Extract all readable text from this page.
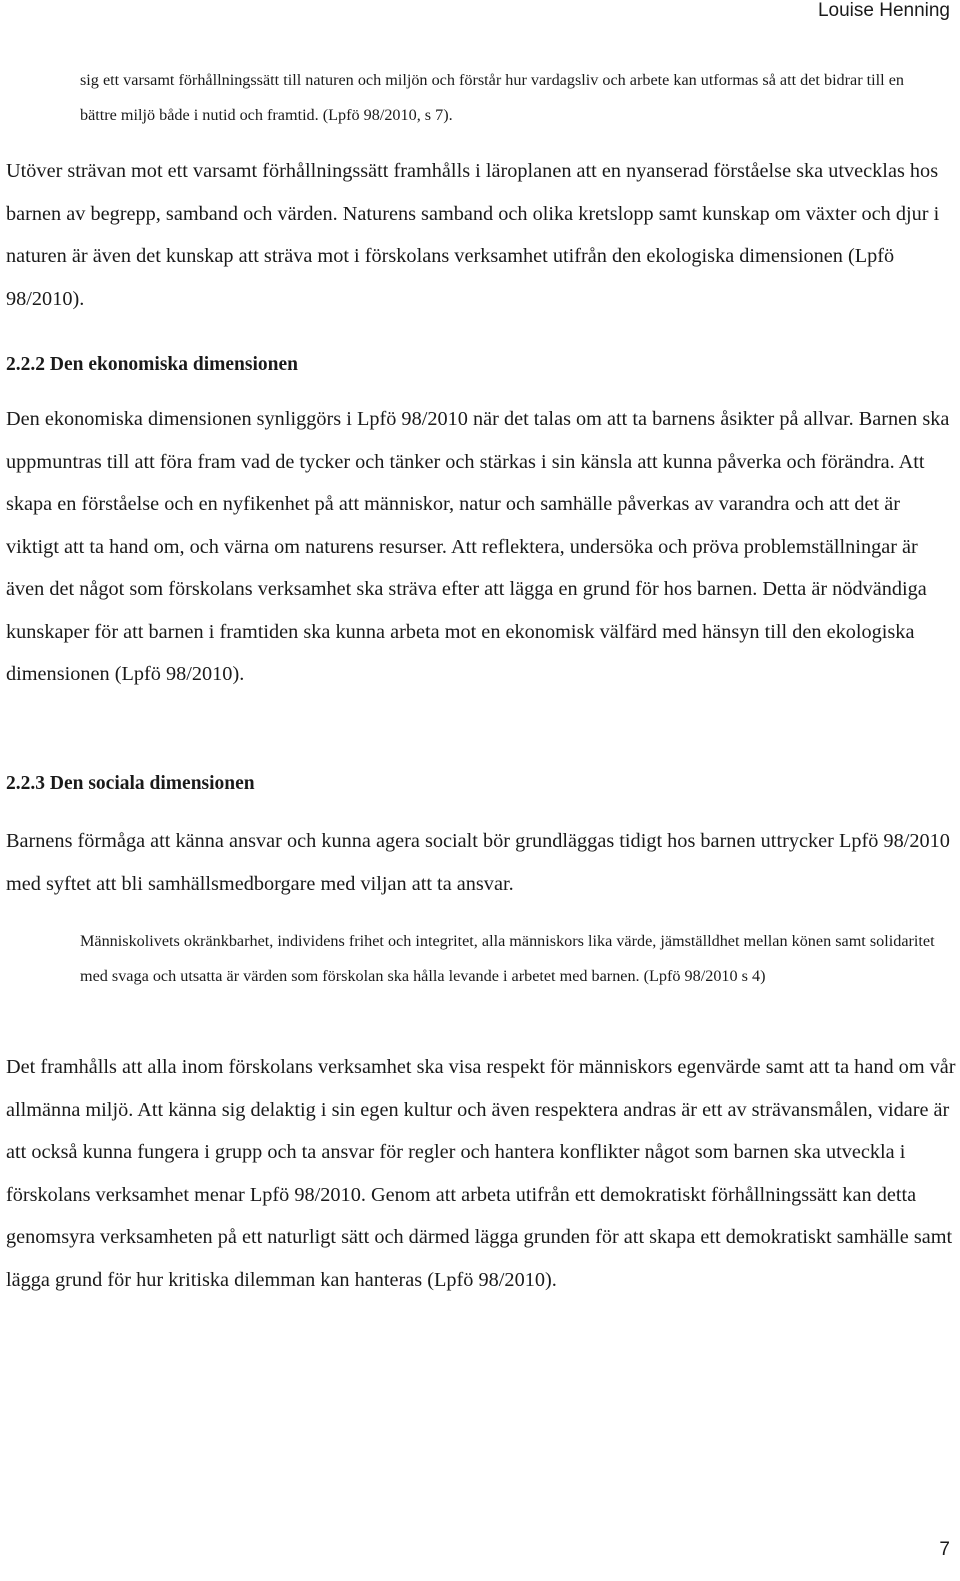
Louise Henning

sig ett varsamt förhållningssätt till naturen och miljön och förstår hur vardagsliv och arbete kan utformas så att det bidrar till en bättre miljö både i nutid och framtid. (Lpfö 98/2010, s 7).

Utöver strävan mot ett varsamt förhållningssätt framhålls i läroplanen att en nyanserad förståelse ska utvecklas hos barnen av begrepp, samband och värden. Naturens samband och olika kretslopp samt kunskap om växter och djur i naturen är även det kunskap att sträva mot i förskolans verksamhet utifrån den ekologiska dimensionen (Lpfö 98/2010).

2.2.2 Den ekonomiska dimensionen

Den ekonomiska dimensionen synliggörs i Lpfö 98/2010 när det talas om att ta barnens åsikter på allvar. Barnen ska uppmuntras till att föra fram vad de tycker och tänker och stärkas i sin känsla att kunna påverka och förändra. Att skapa en förståelse och en nyfikenhet på att människor, natur och samhälle påverkas av varandra och att det är viktigt att ta hand om, och värna om naturens resurser. Att reflektera, undersöka och pröva problemställningar är även det något som förskolans verksamhet ska sträva efter att lägga en grund för hos barnen. Detta är nödvändiga kunskaper för att barnen i framtiden ska kunna arbeta mot en ekonomisk välfärd med hänsyn till den ekologiska dimensionen (Lpfö 98/2010).

2.2.3 Den sociala dimensionen

Barnens förmåga att känna ansvar och kunna agera socialt bör grundläggas tidigt hos barnen uttrycker Lpfö 98/2010 med syftet att bli samhällsmedborgare med viljan att ta ansvar.

Människolivets okränkbarhet, individens frihet och integritet, alla människors lika värde, jämställdhet mellan könen samt solidaritet med svaga och utsatta är värden som förskolan ska hålla levande i arbetet med barnen. (Lpfö 98/2010 s 4)

Det framhålls att alla inom förskolans verksamhet ska visa respekt för människors egenvärde samt att ta hand om vår allmänna miljö. Att känna sig delaktig i sin egen kultur och även respektera andras är ett av strävansmålen, vidare är att också kunna fungera i grupp och ta ansvar för regler och hantera konflikter något som barnen ska utveckla i förskolans verksamhet menar Lpfö 98/2010. Genom att arbeta utifrån ett demokratiskt förhållningssätt kan detta genomsyra verksamheten på ett naturligt sätt och därmed lägga grunden för att skapa ett demokratiskt samhälle samt lägga grund för hur kritiska dilemman kan hanteras (Lpfö 98/2010).

7
